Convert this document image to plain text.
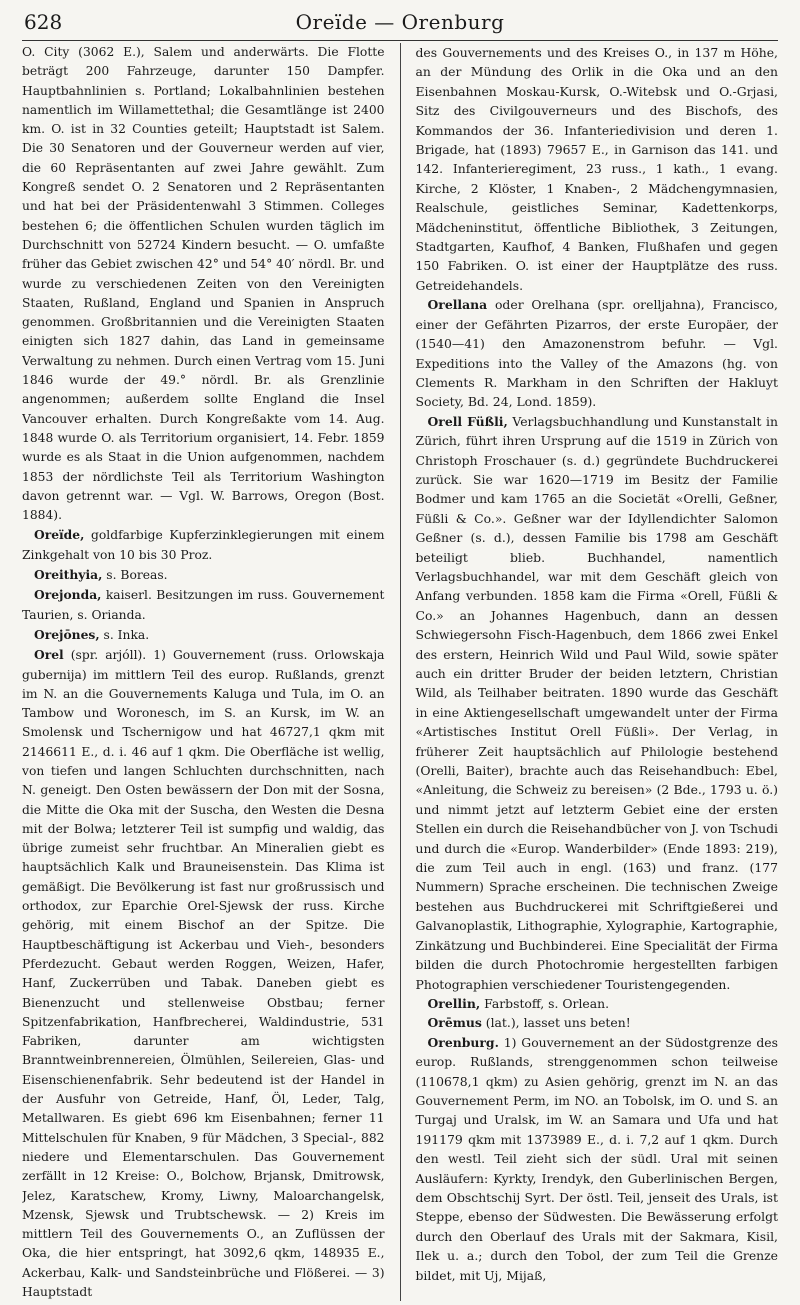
628	Oreïde — Orenburg

O. City (3062 E.), Salem und anderwärts. Die Flotte beträgt 200 Fahrzeuge, darunter 150 Dampfer. Hauptbahnlinien s. Portland; Lokalbahnlinien bestehen namentlich im Willamettethal; die Gesamtlänge ist 2400 km. O. ist in 32 Counties geteilt; Hauptstadt ist Salem. Die 30 Senatoren und der Gouverneur werden auf vier, die 60 Repräsentanten auf zwei Jahre gewählt. Zum Kongreß sendet O. 2 Senatoren und 2 Repräsentanten und hat bei der Präsidentenwahl 3 Stimmen. Colleges bestehen 6; die öffentlichen Schulen wurden täglich im Durchschnitt von 52724 Kindern besucht. — O. umfaßte früher das Gebiet zwischen 42° und 54° 40′ nördl. Br. und wurde zu verschiedenen Zeiten von den Vereinigten Staaten, Rußland, England und Spanien in Anspruch genommen. Großbritannien und die Vereinigten Staaten einigten sich 1827 dahin, das Land in gemeinsame Verwaltung zu nehmen. Durch einen Vertrag vom 15. Juni 1846 wurde der 49.° nördl. Br. als Grenzlinie angenommen; außerdem sollte England die Insel Vancouver erhalten. Durch Kongreßakte vom 14. Aug. 1848 wurde O. als Territorium organisiert, 14. Febr. 1859 wurde es als Staat in die Union aufgenommen, nachdem 1853 der nördlichste Teil als Territorium Washington davon getrennt war. — Vgl. W. Barrows, Oregon (Bost. 1884).

Oreïde, goldfarbige Kupferzinklegierungen mit einem Zinkgehalt von 10 bis 30 Proz.

Oreithyia, s. Boreas.

Orejonda, kaiserl. Besitzungen im russ. Gouvernement Taurien, s. Orianda.

Orejōnes, s. Inka.

Orel (spr. arjóll). 1) Gouvernement (russ. Orlowskaja gubernija) im mittlern Teil des europ. Rußlands, grenzt im N. an die Gouvernements Kaluga und Tula, im O. an Tambow und Woronesch, im S. an Kursk, im W. an Smolensk und Tschernigow und hat 46727,1 qkm mit 2146611 E., d. i. 46 auf 1 qkm. Die Oberfläche ist wellig, von tiefen und langen Schluchten durchschnitten, nach N. geneigt. Den Osten bewässern der Don mit der Sosna, die Mitte die Oka mit der Suscha, den Westen die Desna mit der Bolwa; letzterer Teil ist sumpfig und waldig, das übrige zumeist sehr fruchtbar. An Mineralien giebt es hauptsächlich Kalk und Brauneisenstein. Das Klima ist gemäßigt. Die Bevölkerung ist fast nur großrussisch und orthodox, zur Eparchie Orel-Sjewsk der russ. Kirche gehörig, mit einem Bischof an der Spitze. Die Hauptbeschäftigung ist Ackerbau und Vieh-, besonders Pferdezucht. Gebaut werden Roggen, Weizen, Hafer, Hanf, Zuckerrüben und Tabak. Daneben giebt es Bienenzucht und stellenweise Obstbau; ferner Spitzenfabrikation, Hanfbrecherei, Waldindustrie, 531 Fabriken, darunter am wichtigsten Branntweinbrennereien, Ölmühlen, Seilereien, Glas- und Eisenschienenfabrik. Sehr bedeutend ist der Handel in der Ausfuhr von Getreide, Hanf, Öl, Leder, Talg, Metallwaren. Es giebt 696 km Eisenbahnen; ferner 11 Mittelschulen für Knaben, 9 für Mädchen, 3 Special-, 882 niedere und Elementarschulen. Das Gouvernement zerfällt in 12 Kreise: O., Bolchow, Brjansk, Dmitrowsk, Jelez, Karatschew, Kromy, Liwny, Maloarchangelsk, Mzensk, Sjewsk und Trubtschewsk. — 2) Kreis im mittlern Teil des Gouvernements O., an Zuflüssen der Oka, die hier entspringt, hat 3092,6 qkm, 148935 E., Ackerbau, Kalk- und Sandsteinbrüche und Flößerei. — 3) Hauptstadt

des Gouvernements und des Kreises O., in 137 m Höhe, an der Mündung des Orlik in die Oka und an den Eisenbahnen Moskau-Kursk, O.-Witebsk und O.-Grjasi, Sitz des Civilgouverneurs und des Bischofs, des Kommandos der 36. Infanteriedivision und deren 1. Brigade, hat (1893) 79657 E., in Garnison das 141. und 142. Infanterieregiment, 23 russ., 1 kath., 1 evang. Kirche, 2 Klöster, 1 Knaben-, 2 Mädchengymnasien, Realschule, geistliches Seminar, Kadettenkorps, Mädcheninstitut, öffentliche Bibliothek, 3 Zeitungen, Stadtgarten, Kaufhof, 4 Banken, Flußhafen und gegen 150 Fabriken. O. ist einer der Hauptplätze des russ. Getreidehandels.

Orellana oder Orelhana (spr. orelljahna), Francisco, einer der Gefährten Pizarros, der erste Europäer, der (1540—41) den Amazonenstrom befuhr. — Vgl. Expeditions into the Valley of the Amazons (hg. von Clements R. Markham in den Schriften der Hakluyt Society, Bd. 24, Lond. 1859).

Orell Füßli, Verlagsbuchhandlung und Kunstanstalt in Zürich, führt ihren Ursprung auf die 1519 in Zürich von Christoph Froschauer (s. d.) gegründete Buchdruckerei zurück. Sie war 1620—1719 im Besitz der Familie Bodmer und kam 1765 an die Societät «Orelli, Geßner, Füßli & Co.». Geßner war der Idyllendichter Salomon Geßner (s. d.), dessen Familie bis 1798 am Geschäft beteiligt blieb. Buchhandel, namentlich Verlagsbuchhandel, war mit dem Geschäft gleich von Anfang verbunden. 1858 kam die Firma «Orell, Füßli & Co.» an Johannes Hagenbuch, dann an dessen Schwiegersohn Fisch-Hagenbuch, dem 1866 zwei Enkel des erstern, Heinrich Wild und Paul Wild, sowie später auch ein dritter Bruder der beiden letztern, Christian Wild, als Teilhaber beitraten. 1890 wurde das Geschäft in eine Aktiengesellschaft umgewandelt unter der Firma «Artistisches Institut Orell Füßli». Der Verlag, in früherer Zeit hauptsächlich auf Philologie bestehend (Orelli, Baiter), brachte auch das Reisehandbuch: Ebel, «Anleitung, die Schweiz zu bereisen» (2 Bde., 1793 u. ö.) und nimmt jetzt auf letzterm Gebiet eine der ersten Stellen ein durch die Reisehandbücher von J. von Tschudi und durch die «Europ. Wanderbilder» (Ende 1893: 219), die zum Teil auch in engl. (163) und franz. (177 Nummern) Sprache erscheinen. Die technischen Zweige bestehen aus Buchdruckerei mit Schriftgießerei und Galvanoplastik, Lithographie, Xylographie, Kartographie, Zinkätzung und Buchbinderei. Eine Specialität der Firma bilden die durch Photochromie hergestellten farbigen Photographien verschiedener Touristengegenden.

Orellin, Farbstoff, s. Orlean.

Orēmus (lat.), lasset uns beten!

Orenburg. 1) Gouvernement an der Südostgrenze des europ. Rußlands, strenggenommen schon teilweise (110678,1 qkm) zu Asien gehörig, grenzt im N. an das Gouvernement Perm, im NO. an Tobolsk, im O. und S. an Turgaj und Uralsk, im W. an Samara und Ufa und hat 191179 qkm mit 1373989 E., d. i. 7,2 auf 1 qkm. Durch den westl. Teil zieht sich der südl. Ural mit seinen Ausläufern: Kyrkty, Irendyk, den Guberlinischen Bergen, dem Obschtschij Syrt. Der östl. Teil, jenseit des Urals, ist Steppe, ebenso der Südwesten. Die Bewässerung erfolgt durch den Oberlauf des Urals mit der Sakmara, Kisil, Ilek u. a.; durch den Tobol, der zum Teil die Grenze bildet, mit Uj, Mijaß,
